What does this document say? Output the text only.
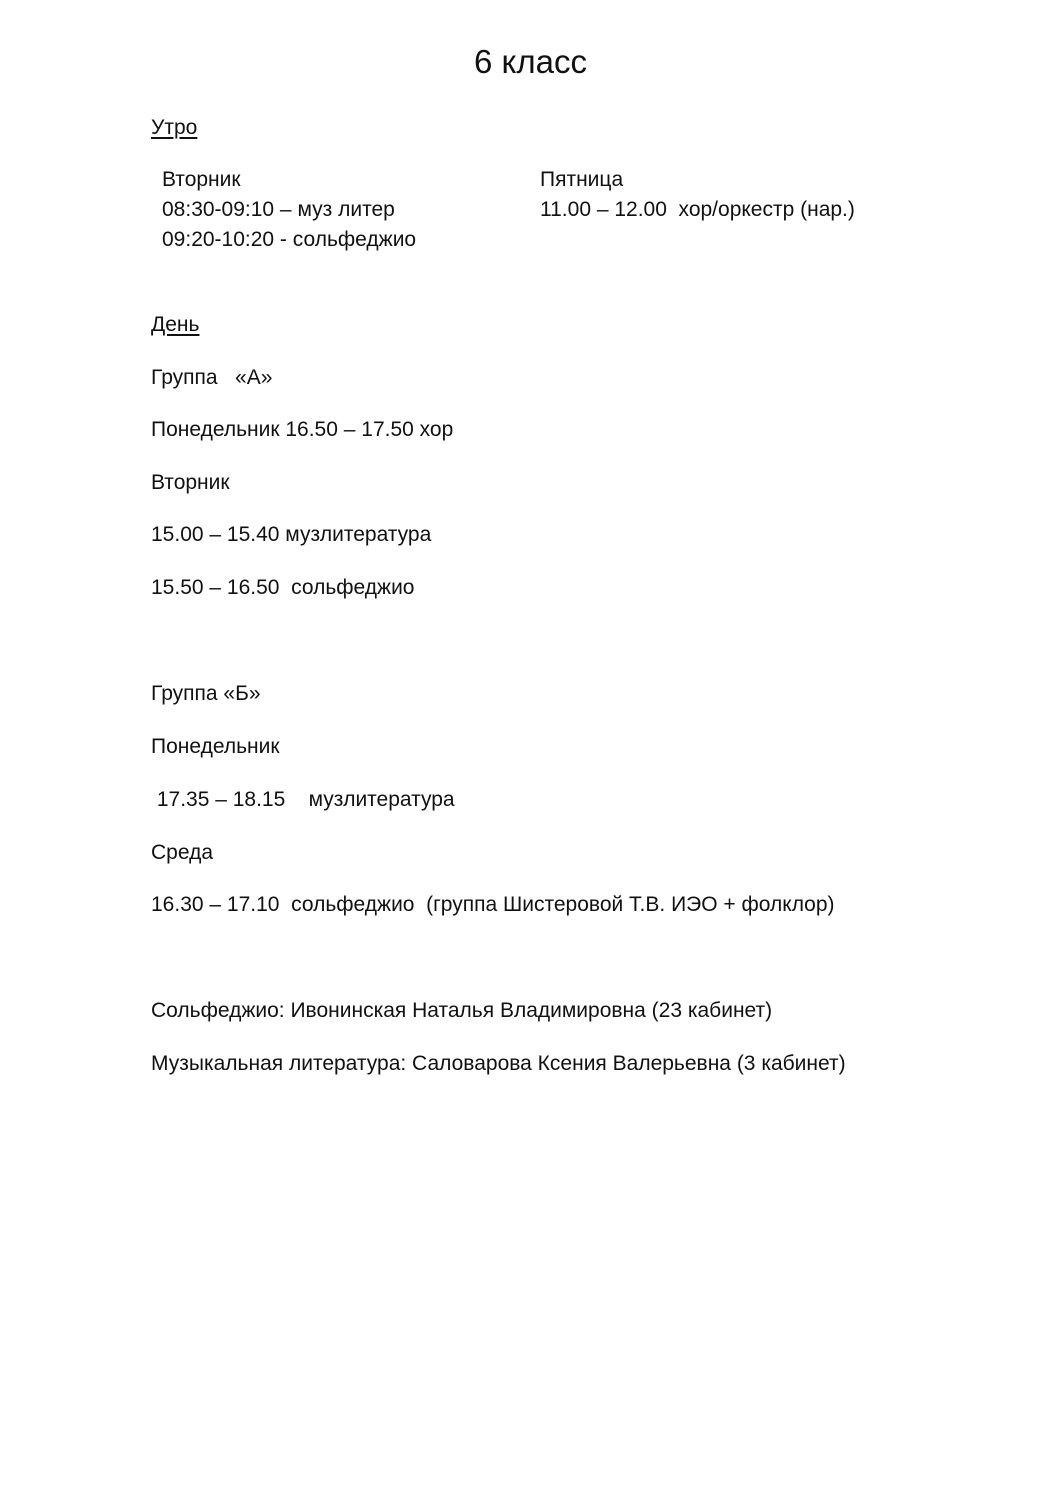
6 класс
Утро
Вторник
08:30-09:10 – муз литер
09:20-10:20 - сольфеджио
Пятница
11.00 – 12.00  хор/оркестр (нар.)
День
Группа   «А»
Понедельник 16.50 – 17.50 хор
Вторник
15.00 – 15.40 музлитература
15.50 – 16.50  сольфеджио
Группа «Б»
Понедельник
17.35 – 18.15    музлитература
Среда
16.30 – 17.10  сольфеджио  (группа Шистеровой Т.В. ИЭО + фолклор)
Сольфеджио: Ивонинская Наталья Владимировна (23 кабинет)
Музыкальная литература: Саловарова Ксения Валерьевна (3 кабинет)
